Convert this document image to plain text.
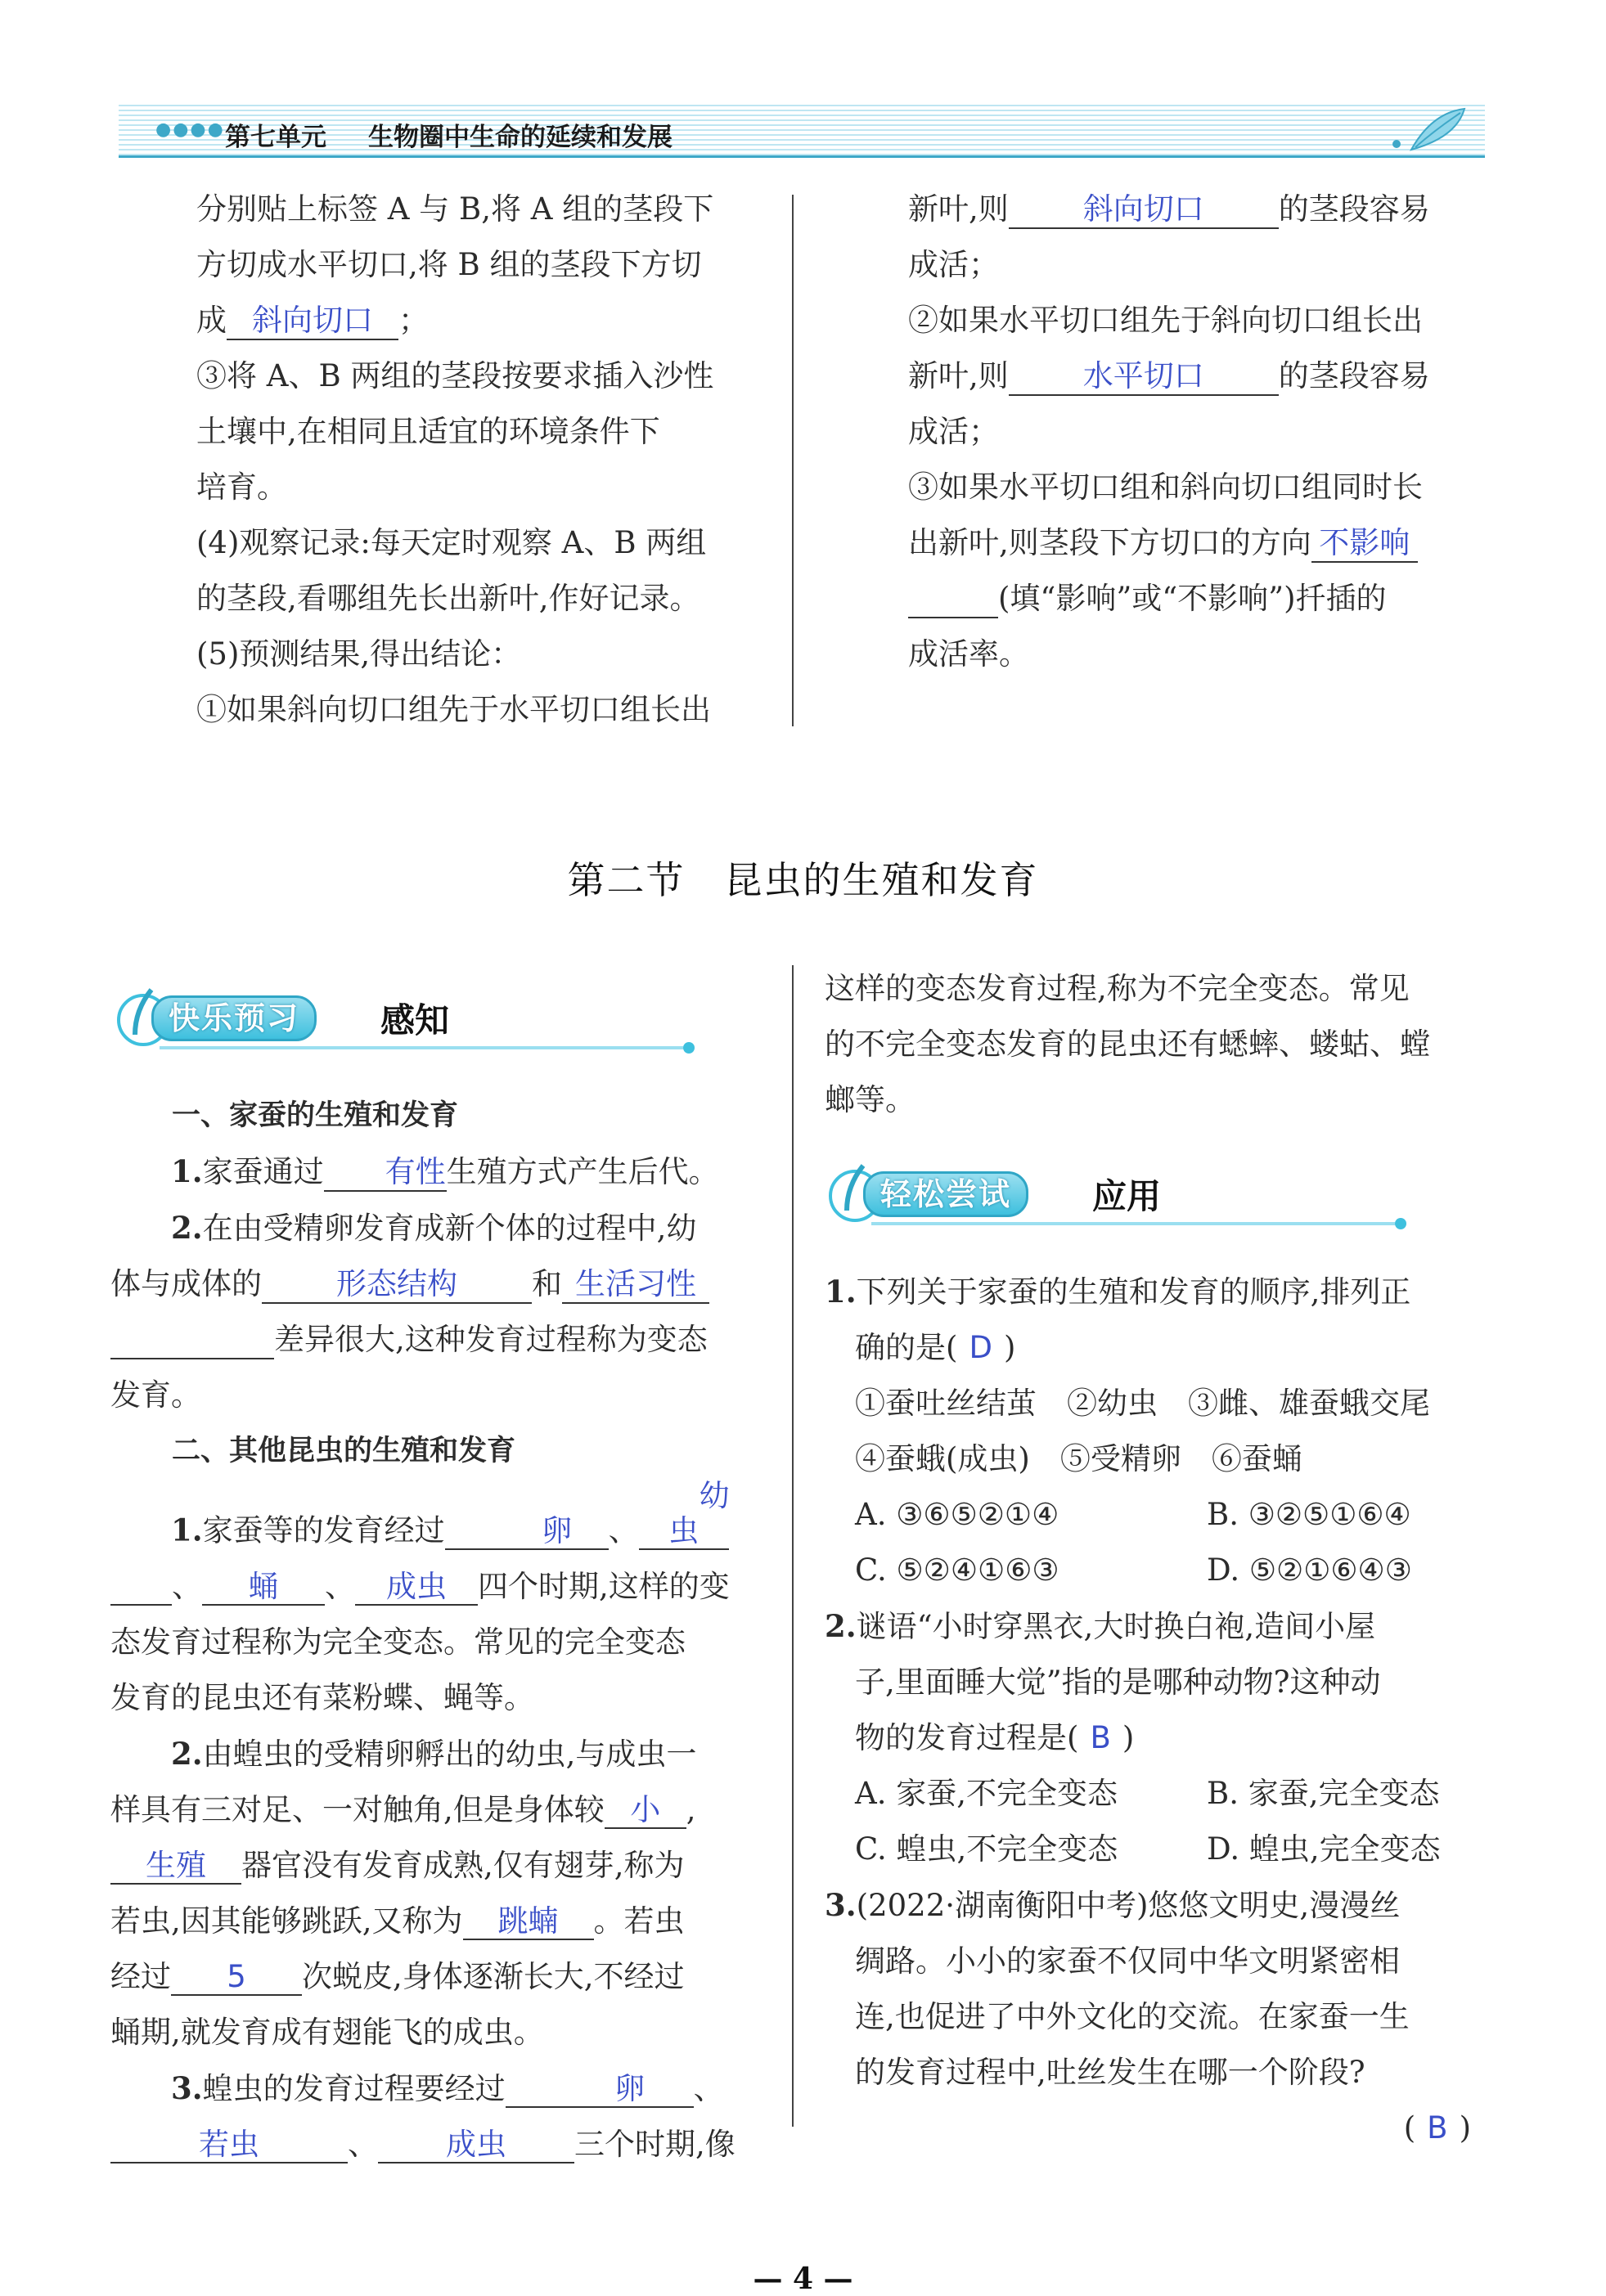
●●●● 第七单元 生物圈中生命的延续和发展

分别贴上标签 A 与 B,将 A 组的茎段下

方切成水平切口,将 B 组的茎段下方切

成 斜向切口 ；

③将 A、B 两组的茎段按要求插入沙性

土壤中,在相同且适宜的环境条件下

培育。

(4)观察记录:每天定时观察 A、B 两组

的茎段,看哪组先长出新叶,作好记录。

(5)预测结果,得出结论：

①如果斜向切口组先于水平切口组长出

新叶,则 斜向切口 的茎段容易

成活；

②如果水平切口组先于斜向切口组长出

新叶,则 水平切口 的茎段容易

成活；

③如果水平切口组和斜向切口组同时长

出新叶,则茎段下方切口的方向 不影响

(填“影响”或“不影响”)扦插的

成活率。

第二节　昆虫的生殖和发育
快乐预习	感知

一、家蚕的生殖和发育

1.家蚕通过 有性生殖方式产生后代。

2.在由受精卵发育成新个体的过程中,幼

体与成体的 形态结构 和 生活习性

差异很大,这种发育过程称为变态

发育。

二、其他昆虫的生殖和发育

1.家蚕等的发育经过	卵 、幼虫

、 蛹 、 成虫 四个时期,这样的变

态发育过程称为完全变态。常见的完全变态

发育的昆虫还有菜粉蝶、蝇等。

2.由蝗虫的受精卵孵出的幼虫,与成虫一

样具有三对足、一对触角,但是身体较 小 ,

生殖 器官没有发育成熟,仅有翅芽,称为

若虫,因其能够跳跃,又称为 跳蝻 。若虫

经过 5 次蜕皮,身体逐渐长大,不经过

蛹期,就发育成有翅能飞的成虫。

3.蝗虫的发育过程要经过	卵 、

若虫	、 成虫 三个时期,像

这样的变态发育过程,称为不完全变态。常见

的不完全变态发育的昆虫还有蟋蟀、蝼蛄、螳

螂等。

轻松尝试	应用

1.下列关于家蚕的生殖和发育的顺序,排列正

确的是( D )

①蚕吐丝结茧　②幼虫　③雌、雄蚕蛾交尾

④蚕蛾(成虫)　⑤受精卵　⑥蚕蛹

A. ③⑥⑤②①④	B. ③②⑤①⑥④

C. ⑤②④①⑥③	D. ⑤②①⑥④③

2.谜语“小时穿黑衣,大时换白袍,造间小屋

子,里面睡大觉”指的是哪种动物?这种动

物的发育过程是( B )

A. 家蚕,不完全变态	B. 家蚕,完全变态

C. 蝗虫,不完全变态	D. 蝗虫,完全变态

3.(2022·湖南衡阳中考)悠悠文明史,漫漫丝

绸路。小小的家蚕不仅同中华文明紧密相

连,也促进了中外文化的交流。在家蚕一生

的发育过程中,吐丝发生在哪一个阶段?

( B )

— 4 —
